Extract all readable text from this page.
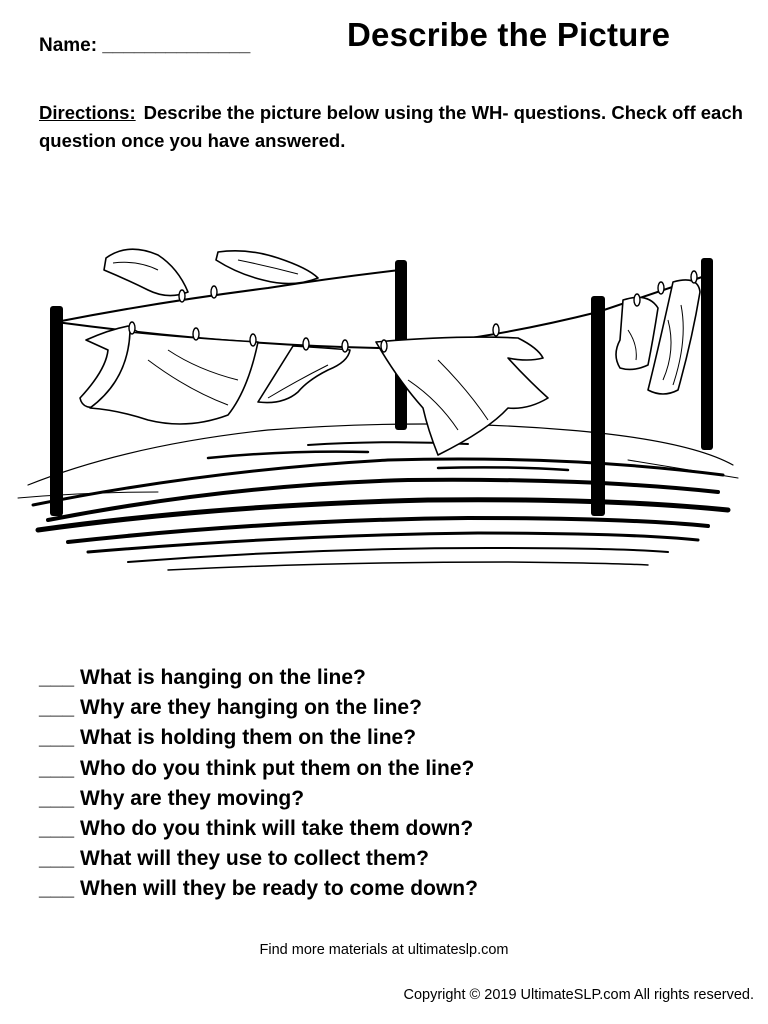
Name: ______________	Describe the Picture
Directions: Describe the picture below using the WH- questions. Check off each question once you have answered.
___ What is hanging on the line?
___ Why are they hanging on the line?
___ What is holding them on the line?
___ Who do you think put them on the line?
___ Why are they moving?
___ Who do you think will take them down?
___ What will they use to collect them?
___ When will they be ready to come down?
Find more materials at ultimateslp.com
Copyright © 2019 UltimateSLP.com All rights reserved.
